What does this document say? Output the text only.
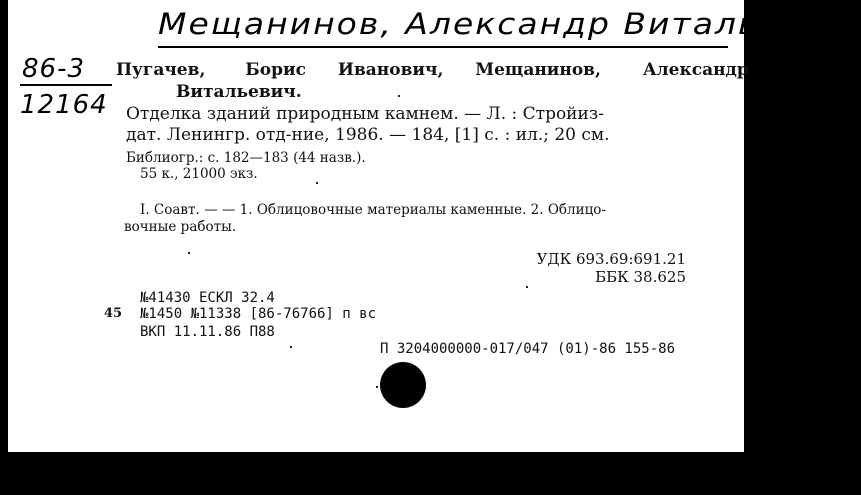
Мещанинов, Александр Витальевич.
86-3
12164
Пугачев, Борис Иванович, Мещанинов, Александр
Витальевич.
Отделка зданий природным камнем. — Л. : Стройиз-
дат. Ленингр. отд-ние, 1986. — 184, [1] с. : ил.; 20 см.
Библиогр.: с. 182—183 (44 назв.).
55 к., 21000 экз.
I. Соавт. — — 1. Облицовочные материалы каменные. 2. Облицо-
вочные работы.
УДК 693.69:691.21
ББК 38.625
№41430 ЕСКЛ 32.4
45 №1450 №11338 [86-76766] п вс
ВКП 11.11.86 П88
П 3204000000-017/047 (01)-86 155-86
